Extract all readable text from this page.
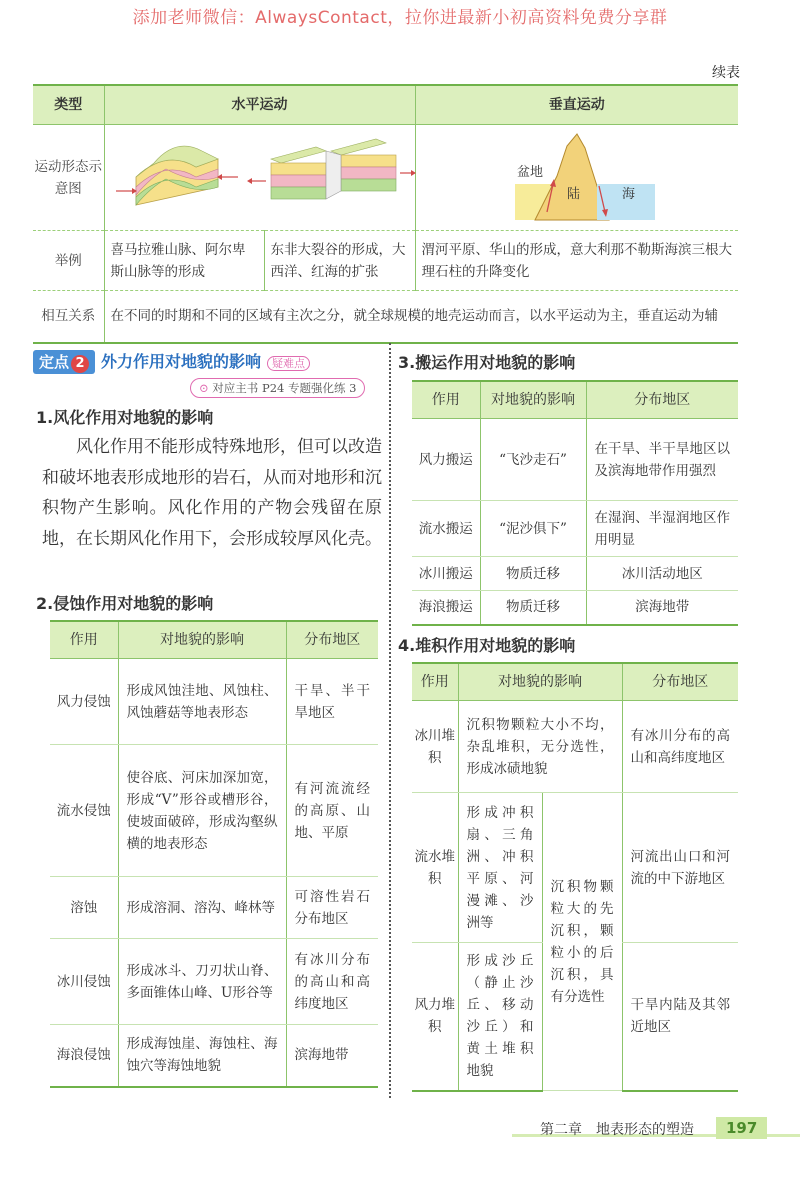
添加老师微信：AlwaysContact，拉你进最新小初高资料免费分享群
续表
类型	水平运动		垂直运动
运动形态示意图			盆地
陆 海

举例	喜马拉雅山脉、阿尔卑斯山脉等的形成	东非大裂谷的形成，大西洋、红海的扩张	渭河平原、华山的形成，意大利那不勒斯海滨三根大理石柱的升降变化
相互关系	在不同的时期和不同的区域有主次之分，就全球规模的地壳运动而言，以水平运动为主，垂直运动为辅		
定点 2 外力作用对地貌的影响 疑难点
⊙ 对应主书 P24 专题强化练 3
1.风化作用对地貌的影响
风化作用不能形成特殊地形，但可以改造和破坏地表形成地形的岩石，从而对地形和沉积物产生影响。风化作用的产物会残留在原地，在长期风化作用下，会形成较厚风化壳。
2.侵蚀作用对地貌的影响
作用	对地貌的影响	分布地区
风力侵蚀	形成风蚀洼地、风蚀柱、风蚀蘑菇等地表形态	干旱、半干旱地区
流水侵蚀	使谷底、河床加深加宽，形成“V”形谷或槽形谷，使坡面破碎，形成沟壑纵横的地表形态	有河流流经的高原、山地、平原
溶蚀	形成溶洞、溶沟、峰林等	可溶性岩石分布地区
冰川侵蚀	形成冰斗、刀刃状山脊、多面锥体山峰、U形谷等	有冰川分布的高山和高纬度地区
海浪侵蚀	形成海蚀崖、海蚀柱、海蚀穴等海蚀地貌	滨海地带
3.搬运作用对地貌的影响
作用	对地貌的影响	分布地区
风力搬运	“飞沙走石”	在干旱、半干旱地区以及滨海地带作用强烈
流水搬运	“泥沙俱下”	在湿润、半湿润地区作用明显
冰川搬运	物质迁移	冰川活动地区
海浪搬运	物质迁移	滨海地带
4.堆积作用对地貌的影响
作用	对地貌的影响		分布地区
冰川堆积	沉积物颗粒大小不均，杂乱堆积，无分选性，形成冰碛地貌		有冰川分布的高山和高纬度地区
流水堆积	形成冲积扇、三角洲、冲积平原、河漫滩、沙洲等	沉积物颗粒大的先沉积，颗粒小的后沉积，具有分选性	河流出山口和河流的中下游地区
风力堆积	形成沙丘（静止沙丘、移动沙丘）和黄土堆积地貌		干旱内陆及其邻近地区
第二章　地表形态的塑造	197
